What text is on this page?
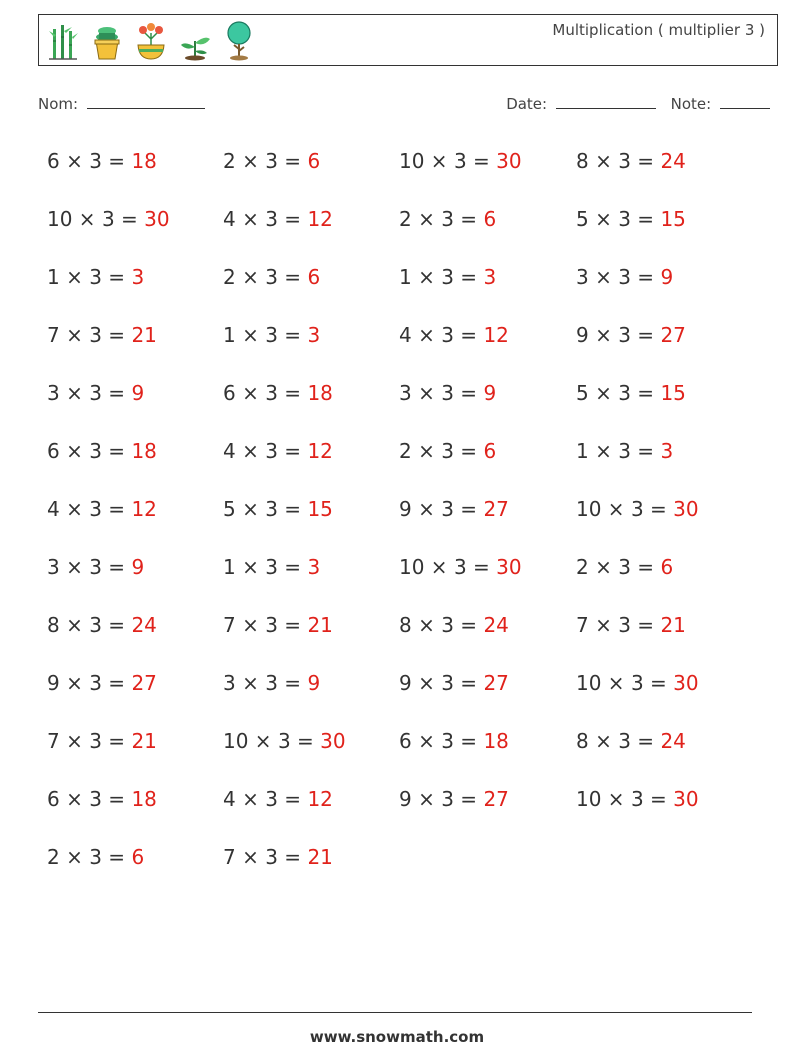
Multiplication ( multiplier 3 )
Nom:	Date:	Note:
6 × 3 = 18	2 × 3 = 6	10 × 3 = 30	8 × 3 = 24
10 × 3 = 30	4 × 3 = 12	2 × 3 = 6	5 × 3 = 15
1 × 3 = 3	2 × 3 = 6	1 × 3 = 3	3 × 3 = 9
7 × 3 = 21	1 × 3 = 3	4 × 3 = 12	9 × 3 = 27
3 × 3 = 9	6 × 3 = 18	3 × 3 = 9	5 × 3 = 15
6 × 3 = 18	4 × 3 = 12	2 × 3 = 6	1 × 3 = 3
4 × 3 = 12	5 × 3 = 15	9 × 3 = 27	10 × 3 = 30
3 × 3 = 9	1 × 3 = 3	10 × 3 = 30	2 × 3 = 6
8 × 3 = 24	7 × 3 = 21	8 × 3 = 24	7 × 3 = 21
9 × 3 = 27	3 × 3 = 9	9 × 3 = 27	10 × 3 = 30
7 × 3 = 21	10 × 3 = 30	6 × 3 = 18	8 × 3 = 24
6 × 3 = 18	4 × 3 = 12	9 × 3 = 27	10 × 3 = 30
2 × 3 = 6	7 × 3 = 21
www.snowmath.com
